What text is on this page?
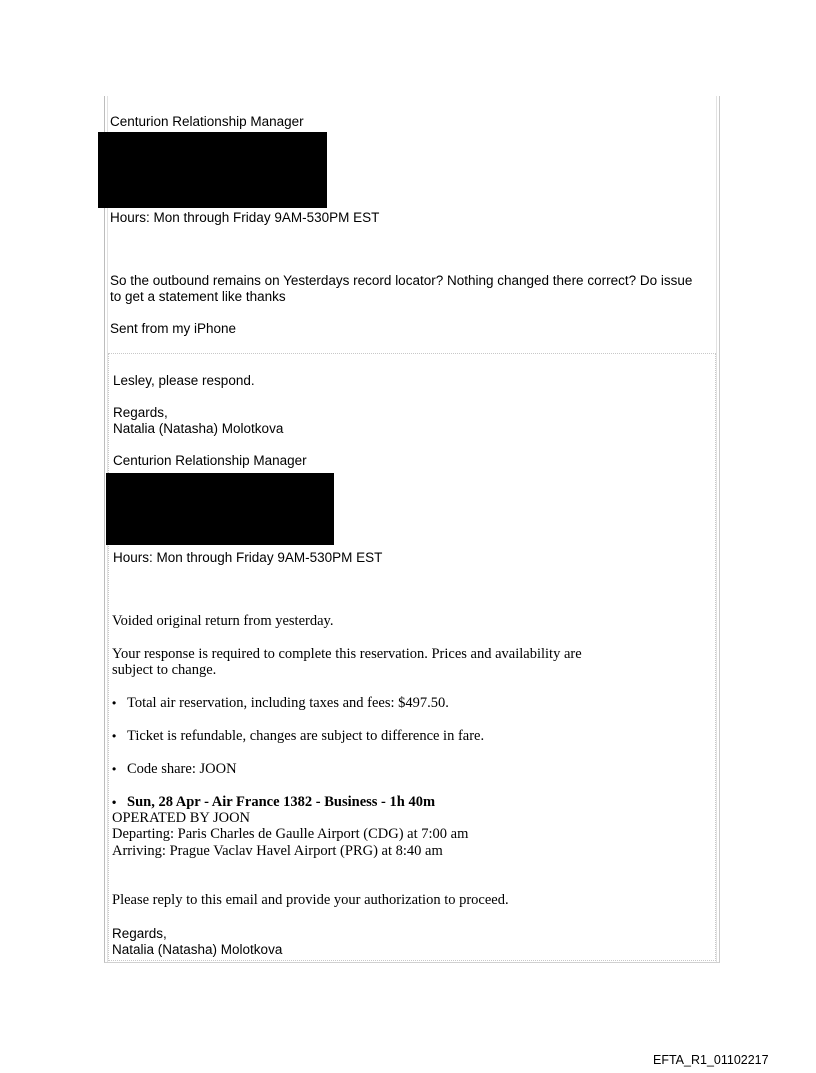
Centurion Relationship Manager

Hours: Mon through Friday 9AM-530PM EST

So the outbound remains on Yesterdays record locator? Nothing changed there correct? Do issue

to get a statement like thanks

Sent from my iPhone

Lesley, please respond.

Regards,

Natalia (Natasha) Molotkova

Centurion Relationship Manager

Hours: Mon through Friday 9AM-530PM EST

Voided original return from yesterday.

Your response is required to complete this reservation. Prices and availability are

subject to change.

• Total air reservation, including taxes and fees: $497.50.

• Ticket is refundable, changes are subject to difference in fare.

• Code share: JOON

• Sun, 28 Apr - Air France 1382 - Business - 1h 40m

OPERATED BY JOON

Departing: Paris Charles de Gaulle Airport (CDG) at 7:00 am

Arriving: Prague Vaclav Havel Airport (PRG) at 8:40 am

Please reply to this email and provide your authorization to proceed.

Regards,

Natalia (Natasha) Molotkova

EFTA_R1_01102217
